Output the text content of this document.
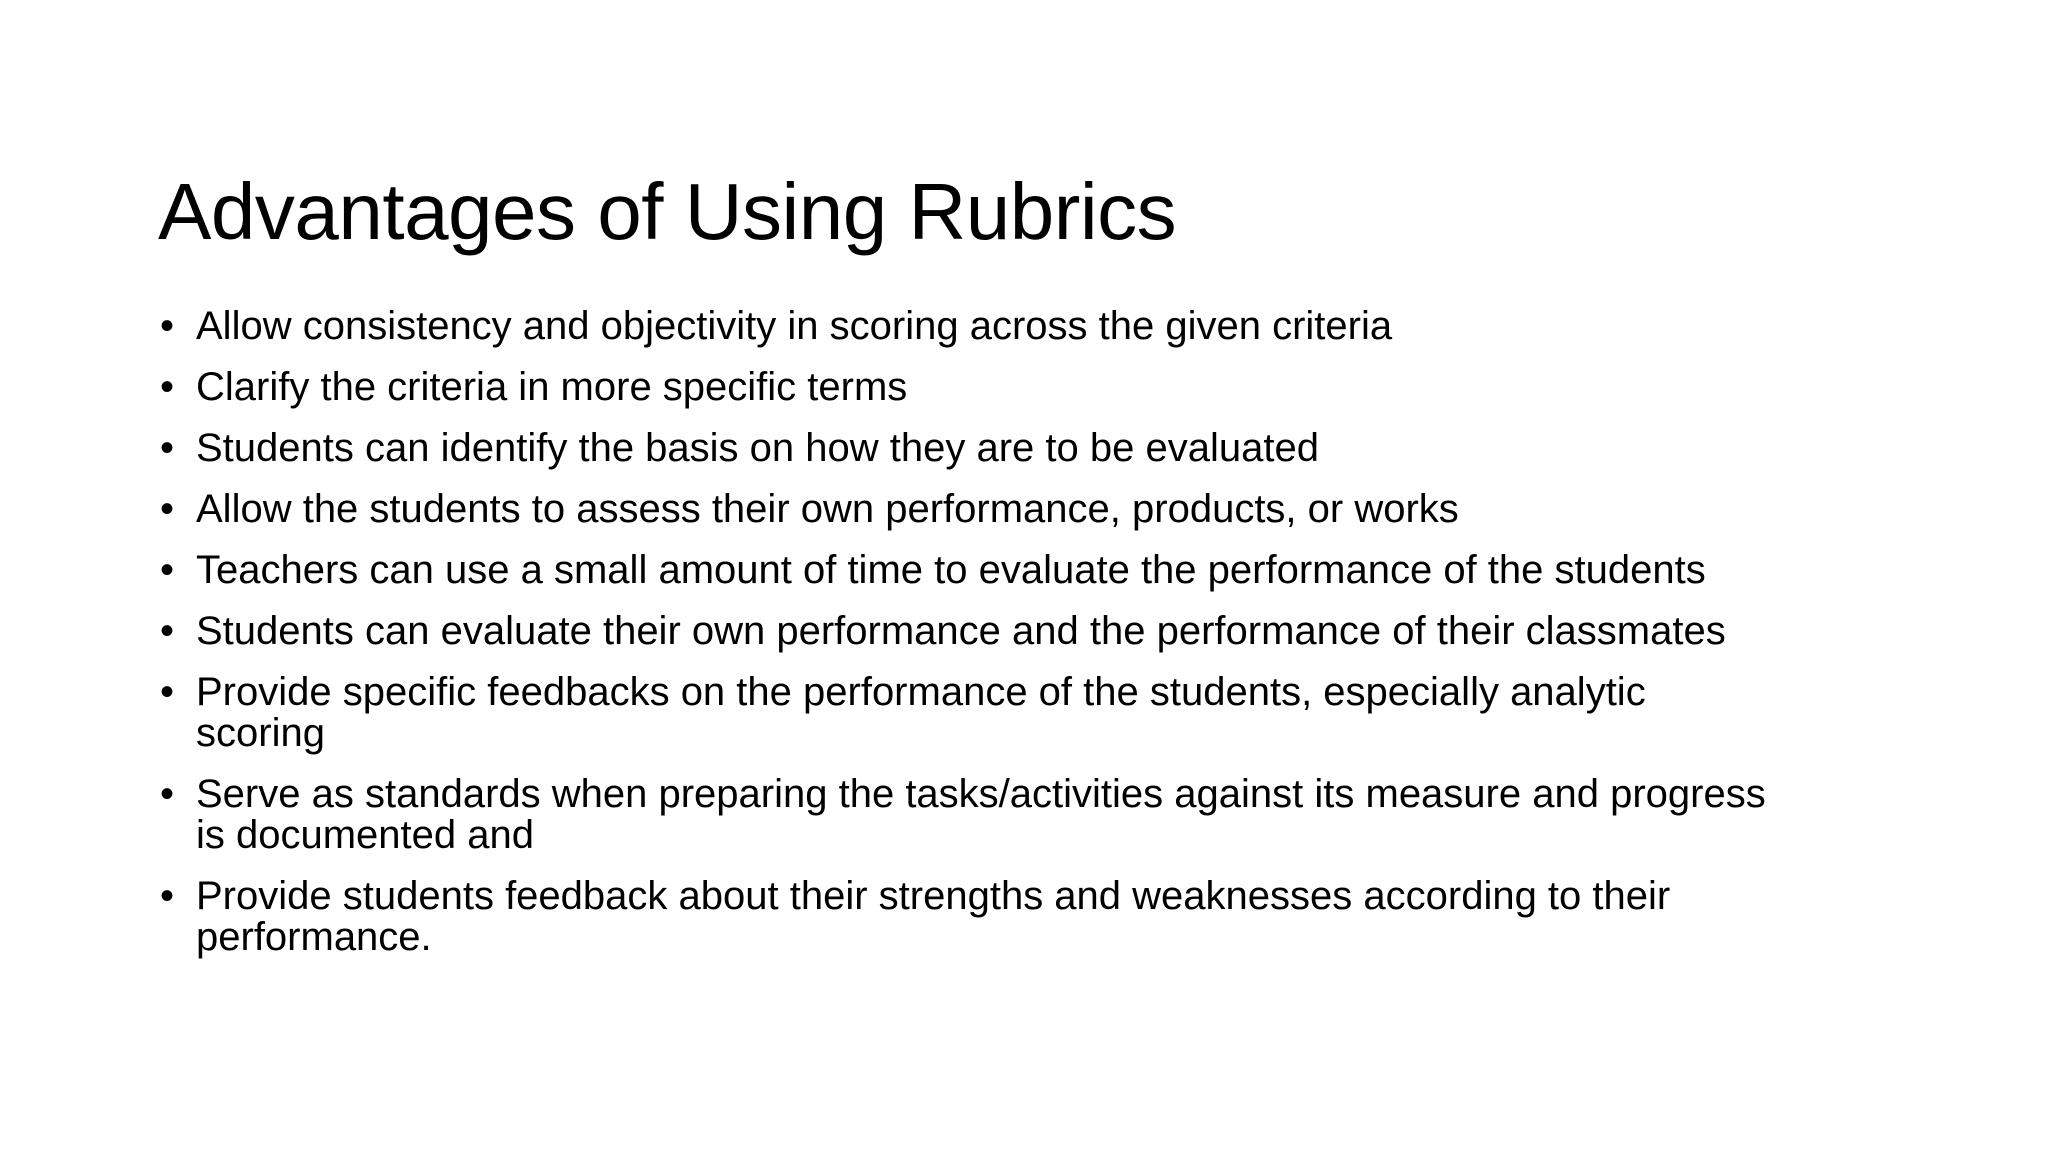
Advantages of Using Rubrics
• Allow consistency and objectivity in scoring across the given criteria
• Clarify the criteria in more specific terms
• Students can identify the basis on how they are to be evaluated
• Allow the students to assess their own performance, products, or works
• Teachers can use a small amount of time to evaluate the performance of the students
• Students can evaluate their own performance and the performance of their classmates
• Provide specific feedbacks on the performance of the students, especially analytic
scoring
• Serve as standards when preparing the tasks/activities against its measure and progress
is documented and
• Provide students feedback about their strengths and weaknesses according to their
performance.
